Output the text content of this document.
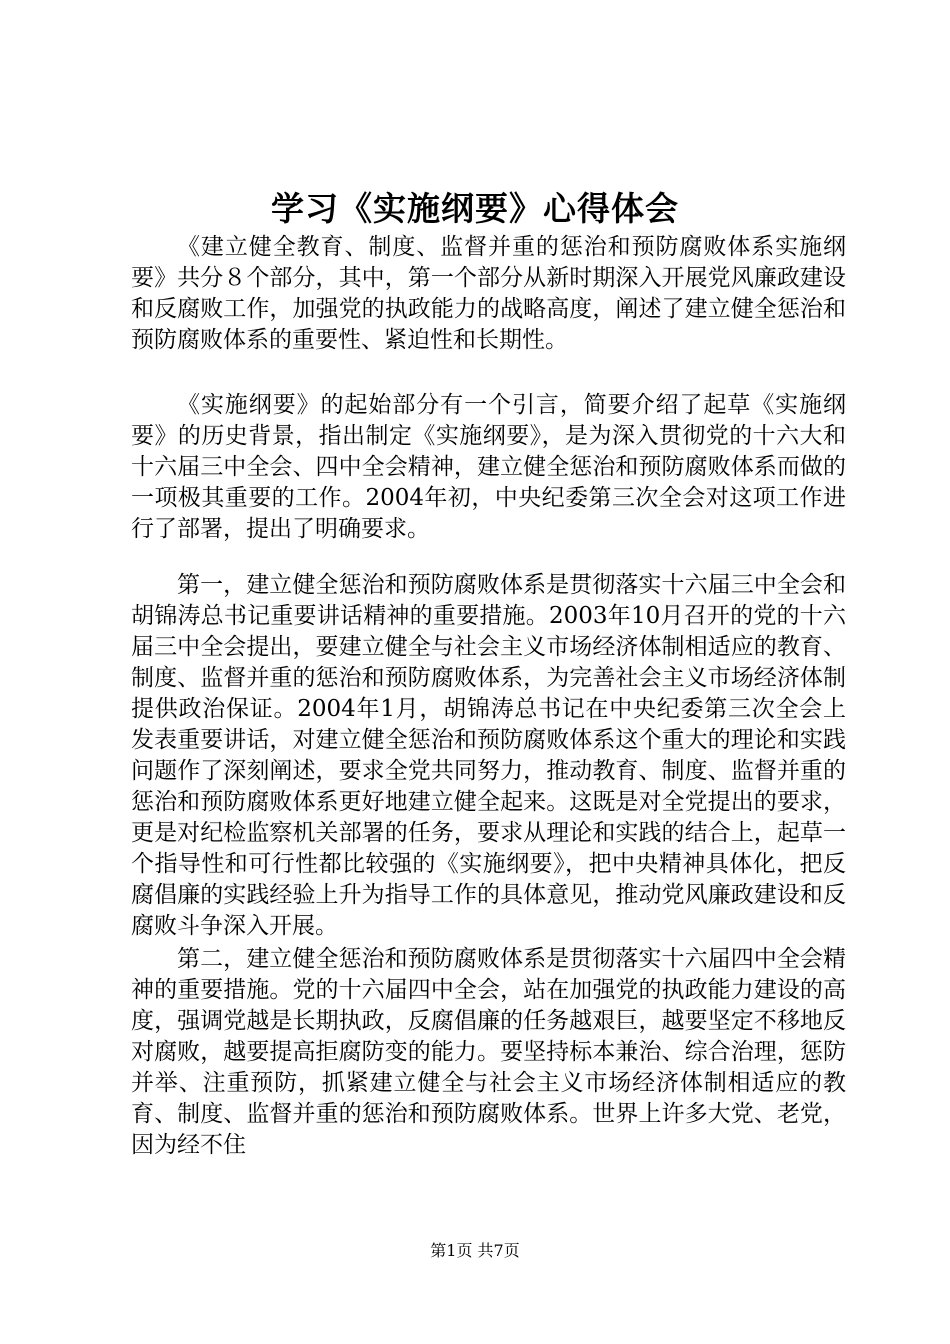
学习《实施纲要》心得体会

《建立健全教育、制度、监督并重的惩治和预防腐败体系实施纲要》共分８个部分，其中，第一个部分从新时期深入开展党风廉政建设和反腐败工作，加强党的执政能力的战略高度，阐述了建立健全惩治和预防腐败体系的重要性、紧迫性和长期性。

《实施纲要》的起始部分有一个引言，简要介绍了起草《实施纲要》的历史背景，指出制定《实施纲要》，是为深入贯彻党的十六大和十六届三中全会、四中全会精神，建立健全惩治和预防腐败体系而做的一项极其重要的工作。2004年初，中央纪委第三次全会对这项工作进行了部署，提出了明确要求。

第一，建立健全惩治和预防腐败体系是贯彻落实十六届三中全会和胡锦涛总书记重要讲话精神的重要措施。2003年10月召开的党的十六届三中全会提出，要建立健全与社会主义市场经济体制相适应的教育、制度、监督并重的惩治和预防腐败体系，为完善社会主义市场经济体制提供政治保证。2004年1月，胡锦涛总书记在中央纪委第三次全会上发表重要讲话，对建立健全惩治和预防腐败体系这个重大的理论和实践问题作了深刻阐述，要求全党共同努力，推动教育、制度、监督并重的惩治和预防腐败体系更好地建立健全起来。这既是对全党提出的要求，更是对纪检监察机关部署的任务，要求从理论和实践的结合上，起草一个指导性和可行性都比较强的《实施纲要》，把中央精神具体化，把反腐倡廉的实践经验上升为指导工作的具体意见，推动党风廉政建设和反腐败斗争深入开展。

第二，建立健全惩治和预防腐败体系是贯彻落实十六届四中全会精神的重要措施。党的十六届四中全会，站在加强党的执政能力建设的高度，强调党越是长期执政，反腐倡廉的任务越艰巨，越要坚定不移地反对腐败，越要提高拒腐防变的能力。要坚持标本兼治、综合治理，惩防并举、注重预防，抓紧建立健全与社会主义市场经济体制相适应的教育、制度、监督并重的惩治和预防腐败体系。世界上许多大党、老党，因为经不住

第1页 共7页
